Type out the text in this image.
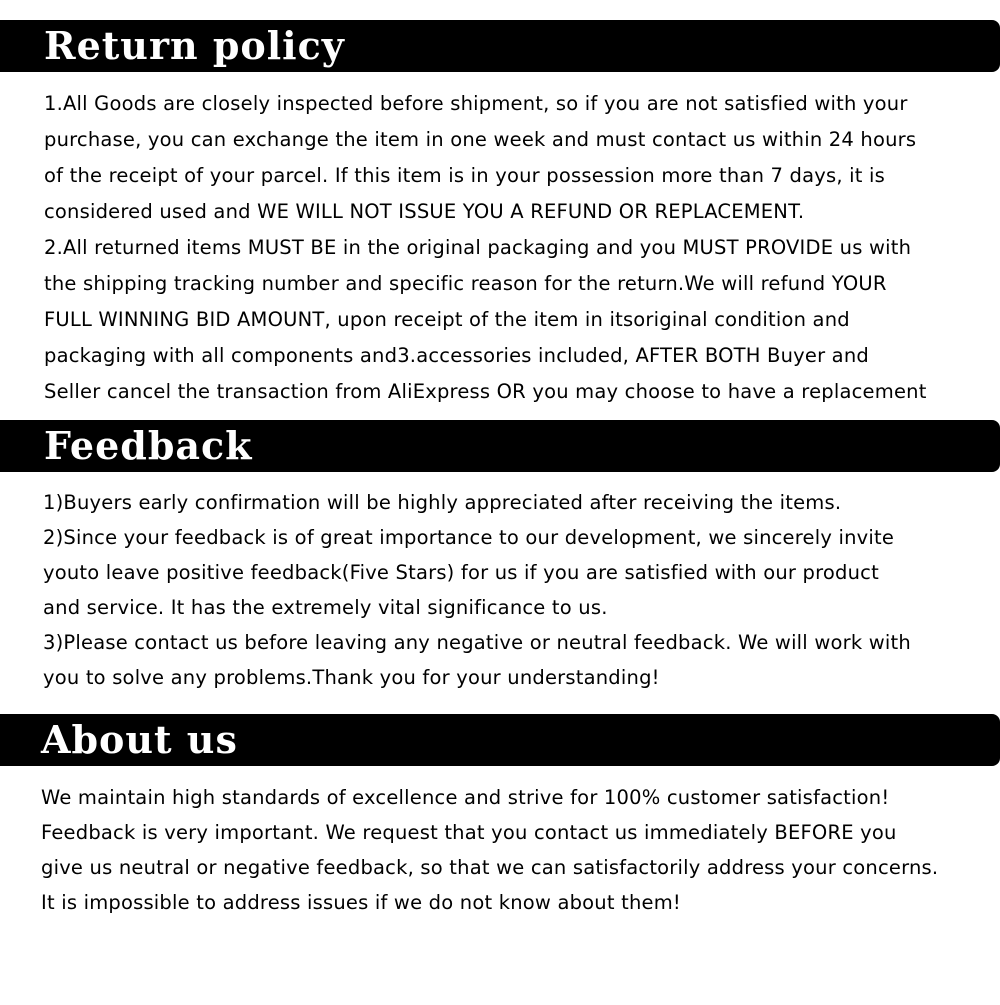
Return policy
1.All Goods are closely inspected before shipment, so if you are not satisfied with your
purchase, you can exchange the item in one week and must contact us within 24 hours
of the receipt of your parcel. If this item is in your possession more than 7 days, it is
considered used and WE WILL NOT ISSUE YOU A REFUND OR REPLACEMENT.
2.All returned items MUST BE in the original packaging and you MUST PROVIDE us with
the shipping tracking number and specific reason for the return.We will refund YOUR
FULL WINNING BID AMOUNT, upon receipt of the item in itsoriginal condition and
packaging with all components and3.accessories included, AFTER BOTH Buyer and
Seller cancel the transaction from AliExpress OR you may choose to have a replacement
Feedback
1)Buyers early confirmation will be highly appreciated after receiving the items.
2)Since your feedback is of great importance to our development, we sincerely invite
youto leave positive feedback(Five Stars) for us if you are satisfied with our product
and service. It has the extremely vital significance to us.
3)Please contact us before leaving any negative or neutral feedback. We will work with
you to solve any problems.Thank you for your understanding!
About us
We maintain high standards of excellence and strive for 100% customer satisfaction!
Feedback is very important. We request that you contact us immediately BEFORE you
give us neutral or negative feedback, so that we can satisfactorily address your concerns.
It is impossible to address issues if we do not know about them!
